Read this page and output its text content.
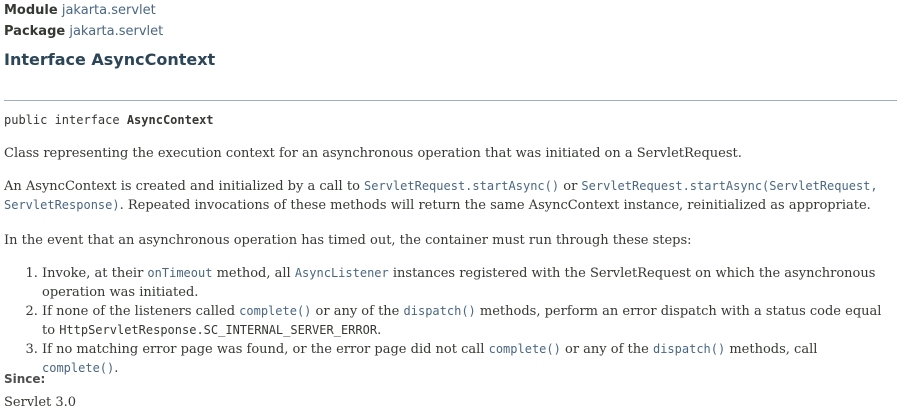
Module jakarta.servlet
Package jakarta.servlet
Interface AsyncContext
public interface AsyncContext

Class representing the execution context for an asynchronous operation that was initiated on a ServletRequest.

An AsyncContext is created and initialized by a call to ServletRequest.startAsync() or ServletRequest.startAsync(ServletRequest, ServletResponse). Repeated invocations of these methods will return the same AsyncContext instance, reinitialized as appropriate.

In the event that an asynchronous operation has timed out, the container must run through these steps:

1. Invoke, at their onTimeout method, all AsyncListener instances registered with the ServletRequest on which the asynchronous operation was initiated.
2. If none of the listeners called complete() or any of the dispatch() methods, perform an error dispatch with a status code equal to HttpServletResponse.SC_INTERNAL_SERVER_ERROR.
3. If no matching error page was found, or the error page did not call complete() or any of the dispatch() methods, call complete().
Since:
Servlet 3.0
